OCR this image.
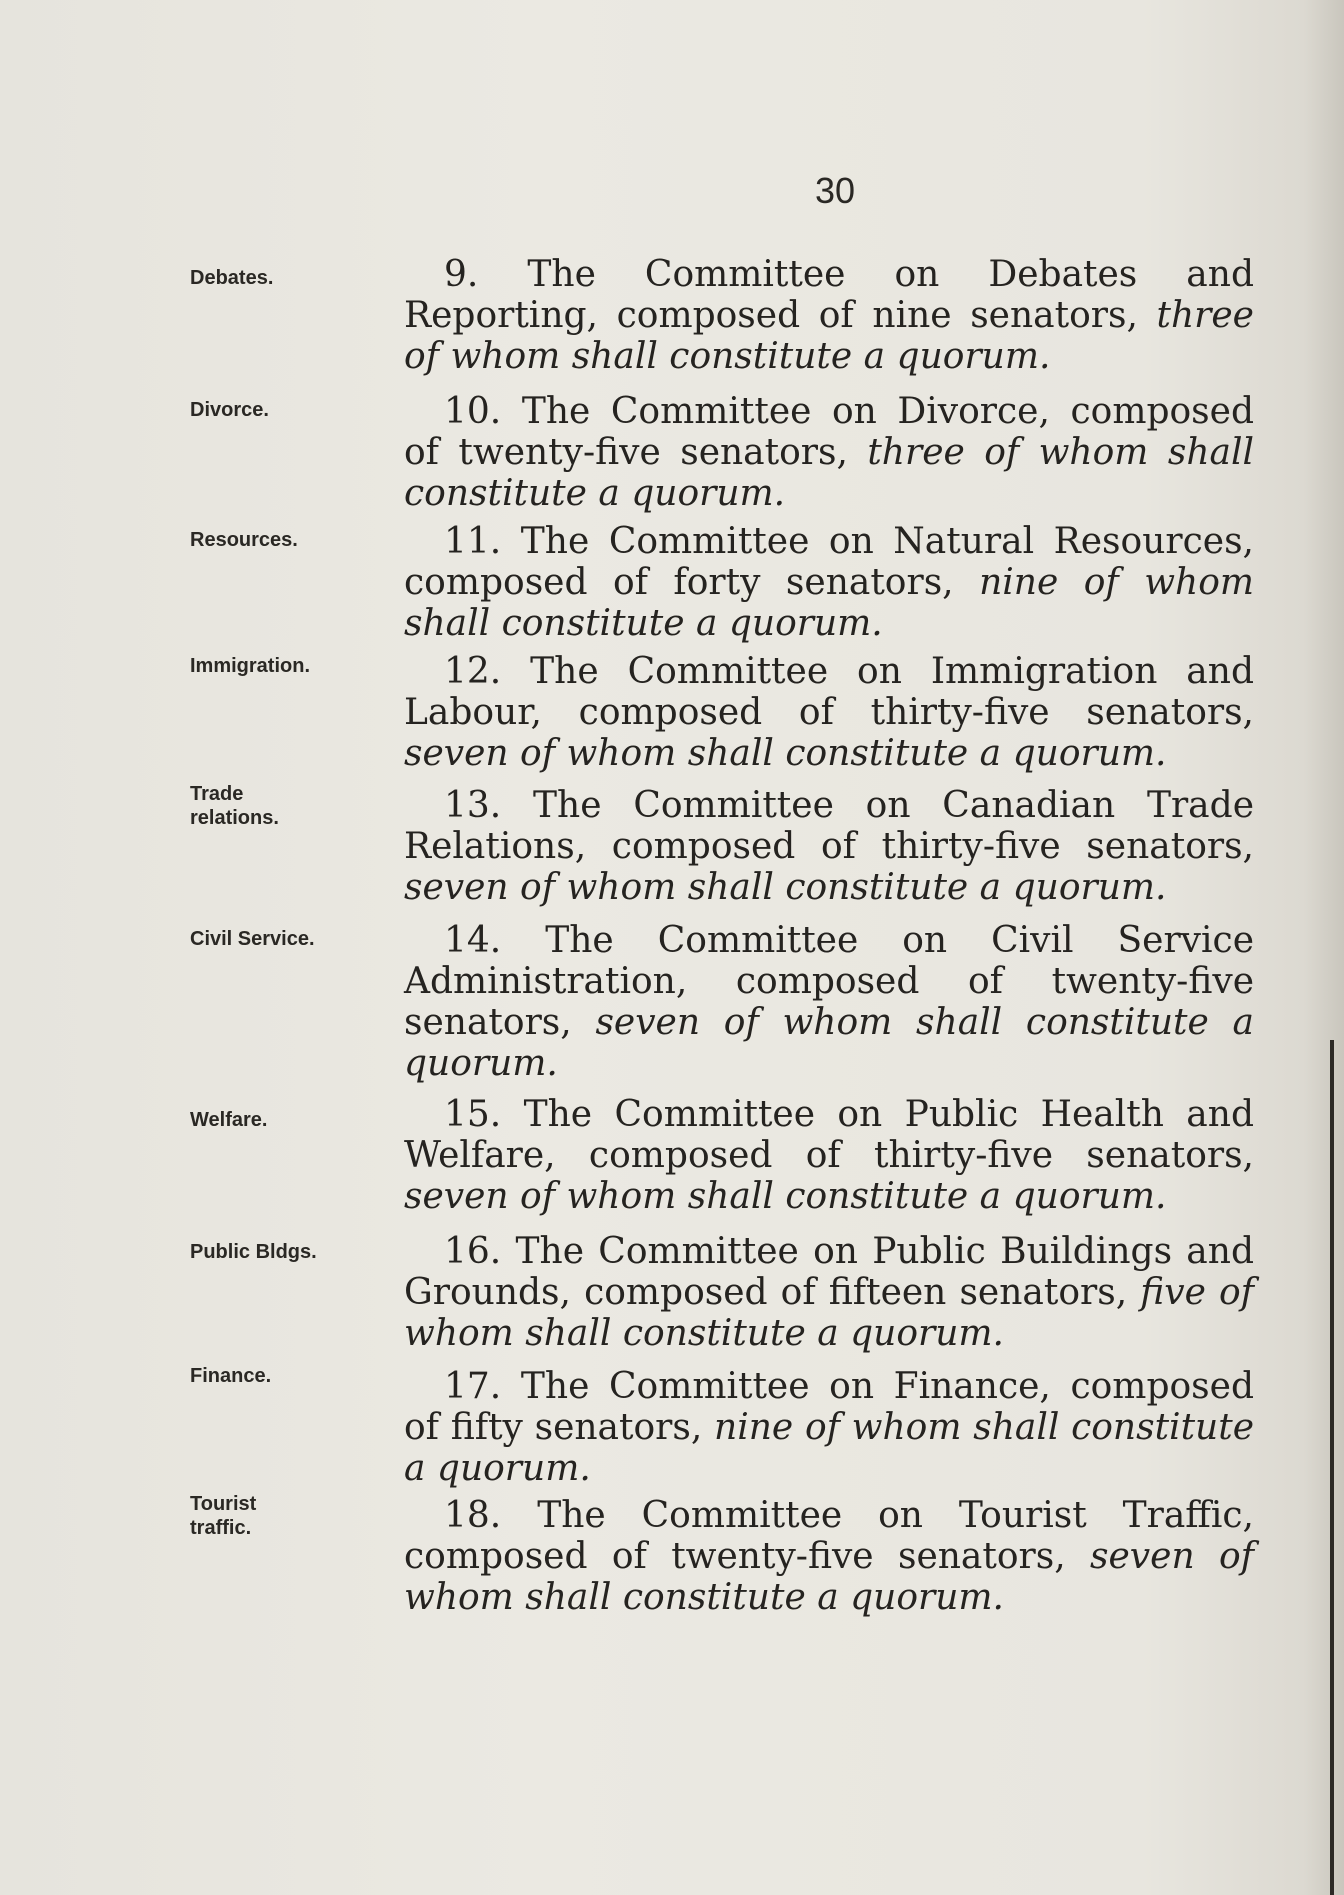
30
Debates.	9. The Committee on Debates and Reporting, composed of nine senators, three of whom shall constitute a quorum.
Divorce.	10. The Committee on Divorce, composed of twenty-five senators, three of whom shall constitute a quorum.
Resources.	11. The Committee on Natural Resources, composed of forty senators, nine of whom shall constitute a quorum.
Immigration.	12. The Committee on Immigration and Labour, composed of thirty-five senators, seven of whom shall constitute a quorum.
Trade relations.	13. The Committee on Canadian Trade Relations, composed of thirty-five senators, seven of whom shall constitute a quorum.
Civil Service.	14. The Committee on Civil Service Administration, composed of twenty-five senators, seven of whom shall constitute a quorum.
Welfare.	15. The Committee on Public Health and Welfare, composed of thirty-five senators, seven of whom shall constitute a quorum.
Public Bldgs.	16. The Committee on Public Buildings and Grounds, composed of fifteen senators, five of whom shall constitute a quorum.
Finance.	17. The Committee on Finance, composed of fifty senators, nine of whom shall constitute a quorum.
Tourist traffic.	18. The Committee on Tourist Traffic, composed of twenty-five senators, seven of whom shall constitute a quorum.
